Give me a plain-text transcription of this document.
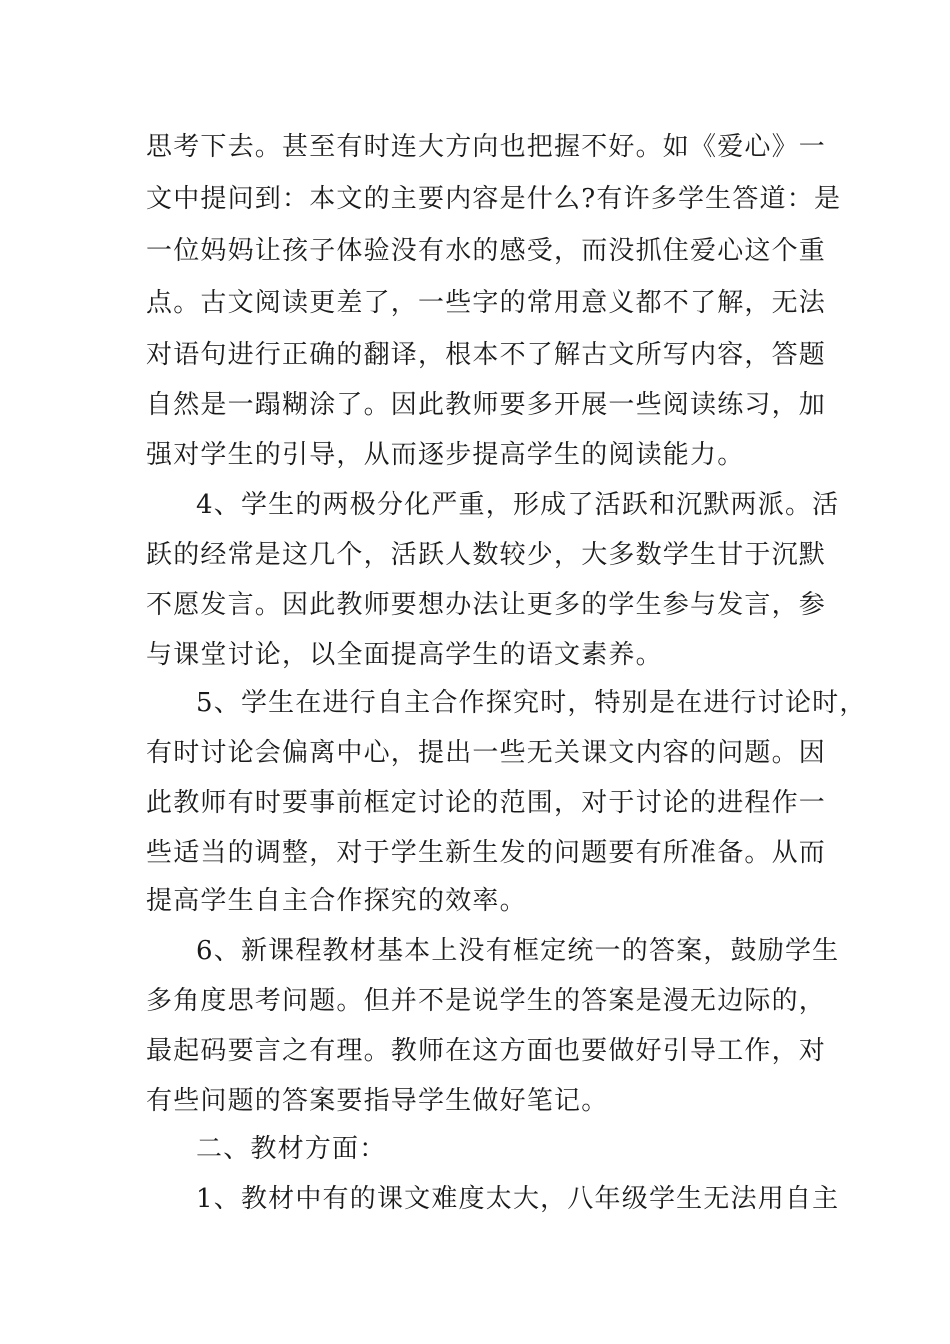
思考下去。甚至有时连大方向也把握不好。如《爱心》一

文中提问到：本文的主要内容是什么?有许多学生答道：是

一位妈妈让孩子体验没有水的感受，而没抓住爱心这个重

点。古文阅读更差了，一些字的常用意义都不了解，无法

对语句进行正确的翻译，根本不了解古文所写内容，答题

自然是一蹋糊涂了。因此教师要多开展一些阅读练习，加

强对学生的引导，从而逐步提高学生的阅读能力。

4、学生的两极分化严重，形成了活跃和沉默两派。活

跃的经常是这几个，活跃人数较少，大多数学生甘于沉默

不愿发言。因此教师要想办法让更多的学生参与发言，参

与课堂讨论，以全面提高学生的语文素养。

5、学生在进行自主合作探究时，特别是在进行讨论时，

有时讨论会偏离中心，提出一些无关课文内容的问题。因

此教师有时要事前框定讨论的范围，对于讨论的进程作一

些适当的调整，对于学生新生发的问题要有所准备。从而

提高学生自主合作探究的效率。

6、新课程教材基本上没有框定统一的答案，鼓励学生

多角度思考问题。但并不是说学生的答案是漫无边际的，

最起码要言之有理。教师在这方面也要做好引导工作，对

有些问题的答案要指导学生做好笔记。

二、教材方面：

1、教材中有的课文难度太大，八年级学生无法用自主
